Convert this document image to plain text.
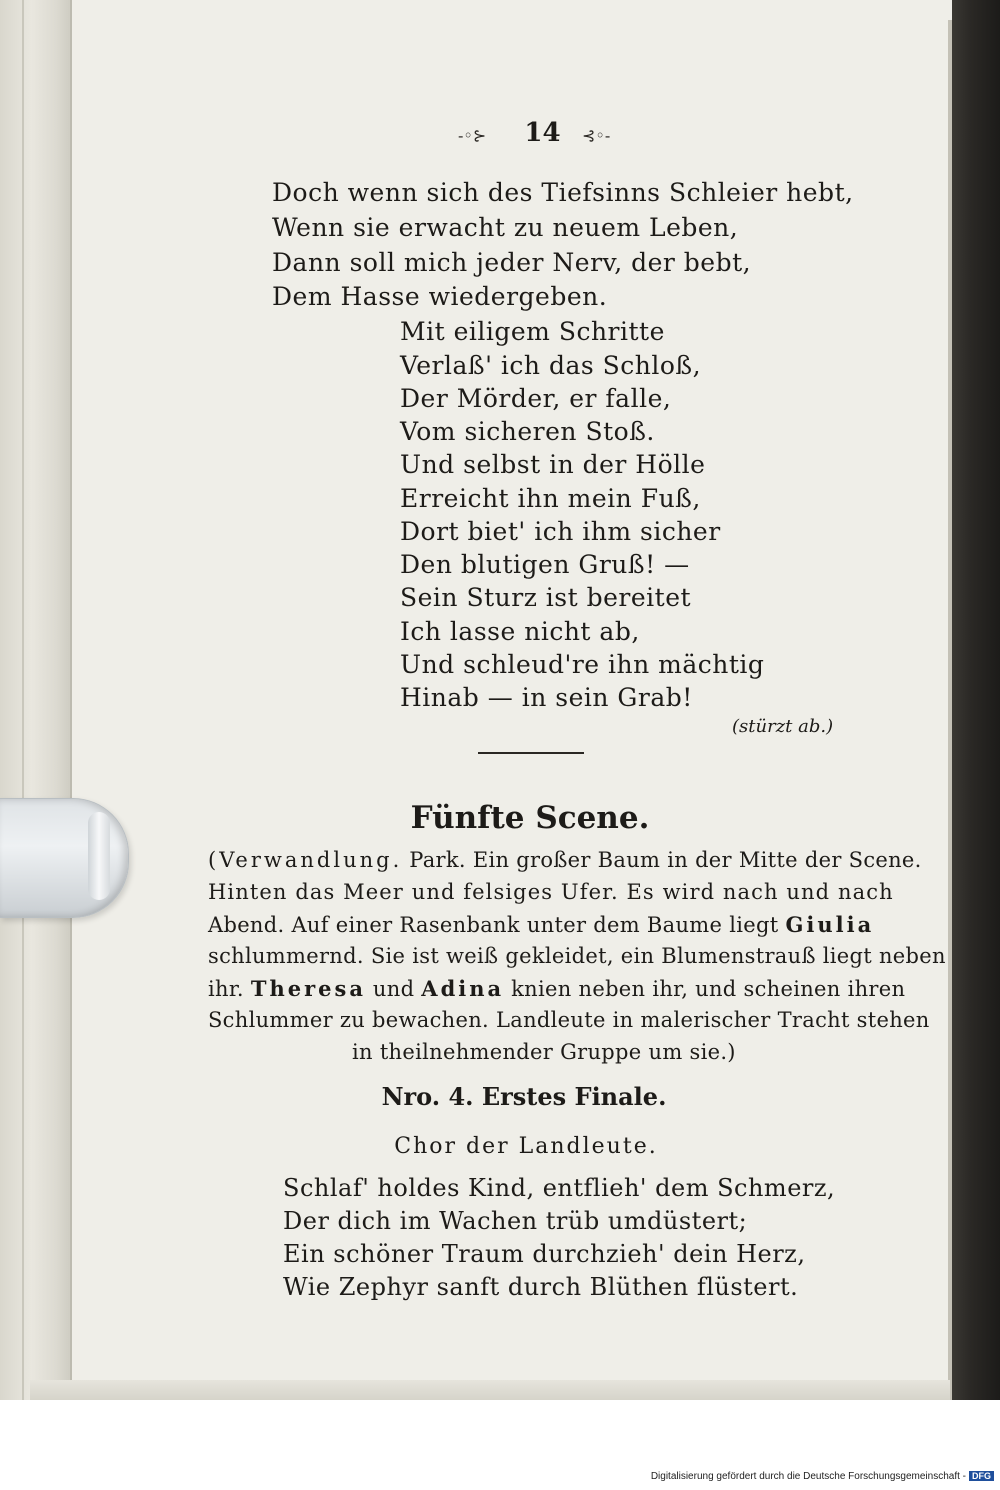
-◦⊱	14	⊰◦-
Doch wenn sich des Tiefsinns Schleier hebt,
Wenn sie erwacht zu neuem Leben,
Dann soll mich jeder Nerv, der bebt,
Dem Hasse wiedergeben.
Mit eiligem Schritte
Verlaß' ich das Schloß,
Der Mörder, er falle,
Vom sicheren Stoß.
Und selbst in der Hölle
Erreicht ihn mein Fuß,
Dort biet' ich ihm sicher
Den blutigen Gruß! —
Sein Sturz ist bereitet
Ich lasse nicht ab,
Und schleud're ihn mächtig
Hinab — in sein Grab!
(stürzt ab.)
Fünfte Scene.
(Verwandlung. Park. Ein großer Baum in der Mitte der Scene.
Hinten das Meer und felsiges Ufer. Es wird nach und nach
Abend. Auf einer Rasenbank unter dem Baume liegt Giulia
schlummernd. Sie ist weiß gekleidet, ein Blumenstrauß liegt neben
ihr. Theresa und Adina knien neben ihr, und scheinen ihren
Schlummer zu bewachen. Landleute in malerischer Tracht stehen
in theilnehmender Gruppe um sie.)
Nro. 4. Erstes Finale.
Chor der Landleute.
Schlaf' holdes Kind, entflieh' dem Schmerz,
Der dich im Wachen trüb umdüstert;
Ein schöner Traum durchzieh' dein Herz,
Wie Zephyr sanft durch Blüthen flüstert.
Digitalisierung gefördert durch die Deutsche Forschungsgemeinschaft - DFG
